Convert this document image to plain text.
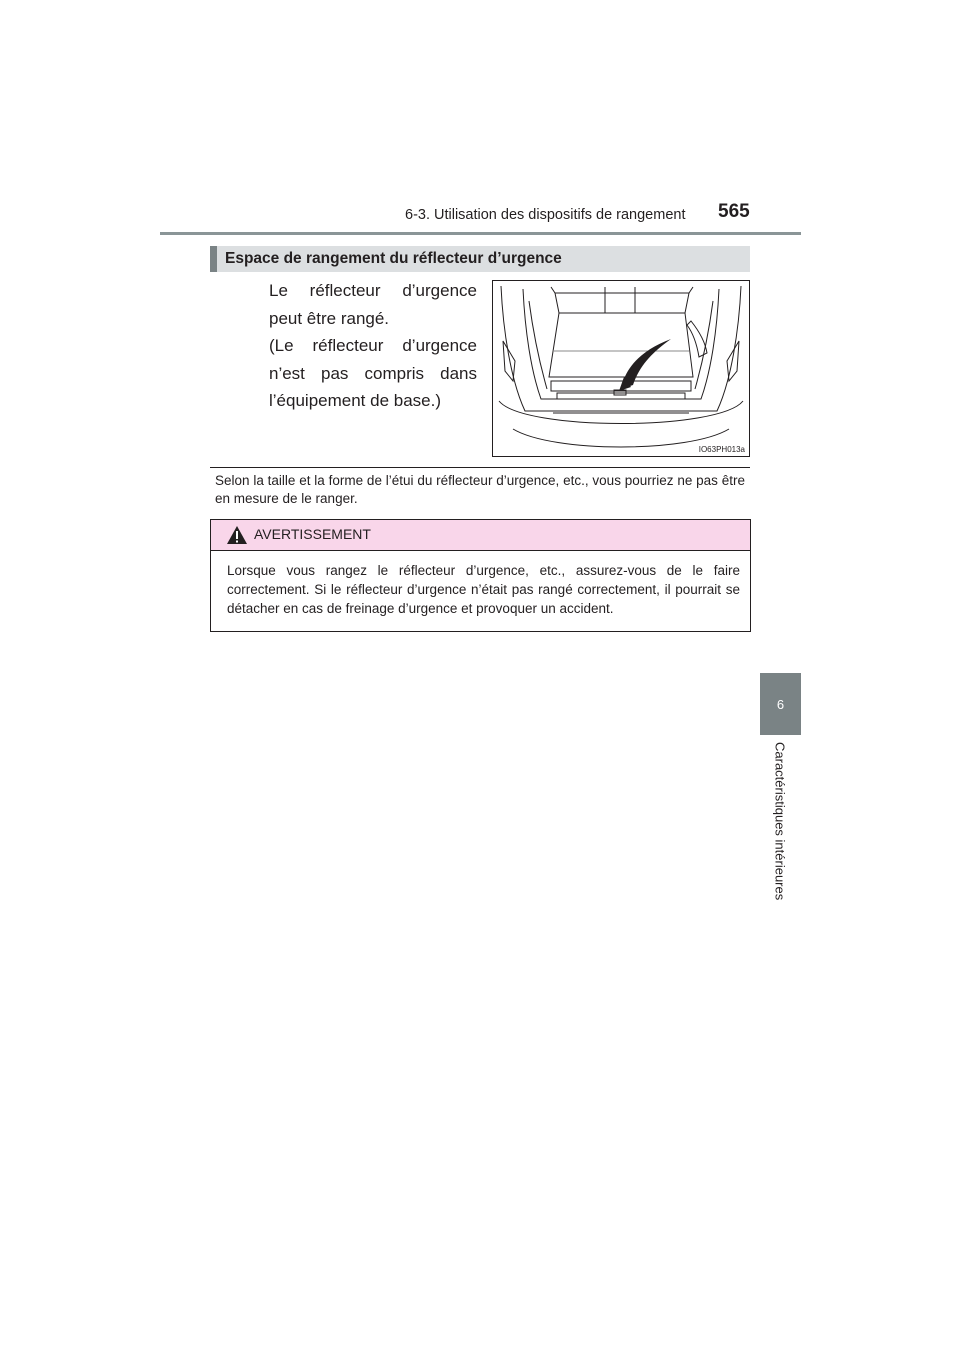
6-3. Utilisation des dispositifs de rangement 565
6
Caractéristiques intérieures
Espace de rangement du réflecteur d’urgence
Le réflecteur d’urgence peut être rangé.
(Le réflecteur d’urgence n’est pas compris dans l’équipement de base.)
IO63PH013a
Selon la taille et la forme de l’étui du réflecteur d’urgence, etc., vous pourriez ne pas être en mesure de le ranger.
AVERTISSEMENT
Lorsque vous rangez le réflecteur d’urgence, etc., assurez-vous de le faire correctement. Si le réflecteur d’urgence n’était pas rangé correctement, il pourrait se détacher en cas de freinage d’urgence et provoquer un accident.
